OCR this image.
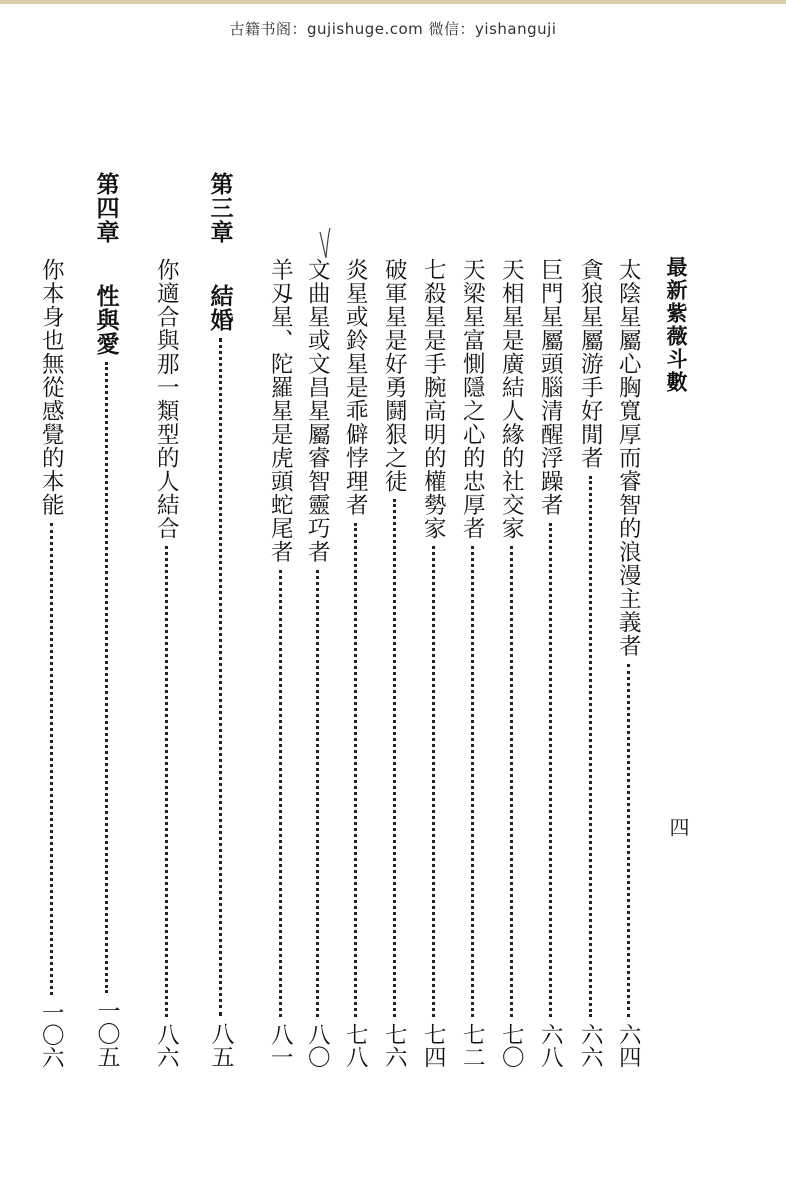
古籍书阁：gujishuge.com 微信：yishanguji
最新紫薇斗數
四
太陰星屬心胸寬厚而睿智的浪漫主義者
六四
貪狼星屬游手好閒者
六六
巨門星屬頭腦清醒浮躁者
六八
天相星是廣結人緣的社交家
七〇
天梁星富惻隱之心的忠厚者
七二
七殺星是手腕高明的權勢家
七四
破軍星是好勇鬪狠之徒
七六
炎星或鈴星是乖僻悖理者
七八
文曲星或文昌星屬睿智靈巧者
八〇
羊刄星、陀羅星是虎頭蛇尾者
八一
第三章結婚
八五
你適合與那一類型的人結合
八六
第四章性與愛
一〇五
你本身也無從感覺的本能
一〇六
